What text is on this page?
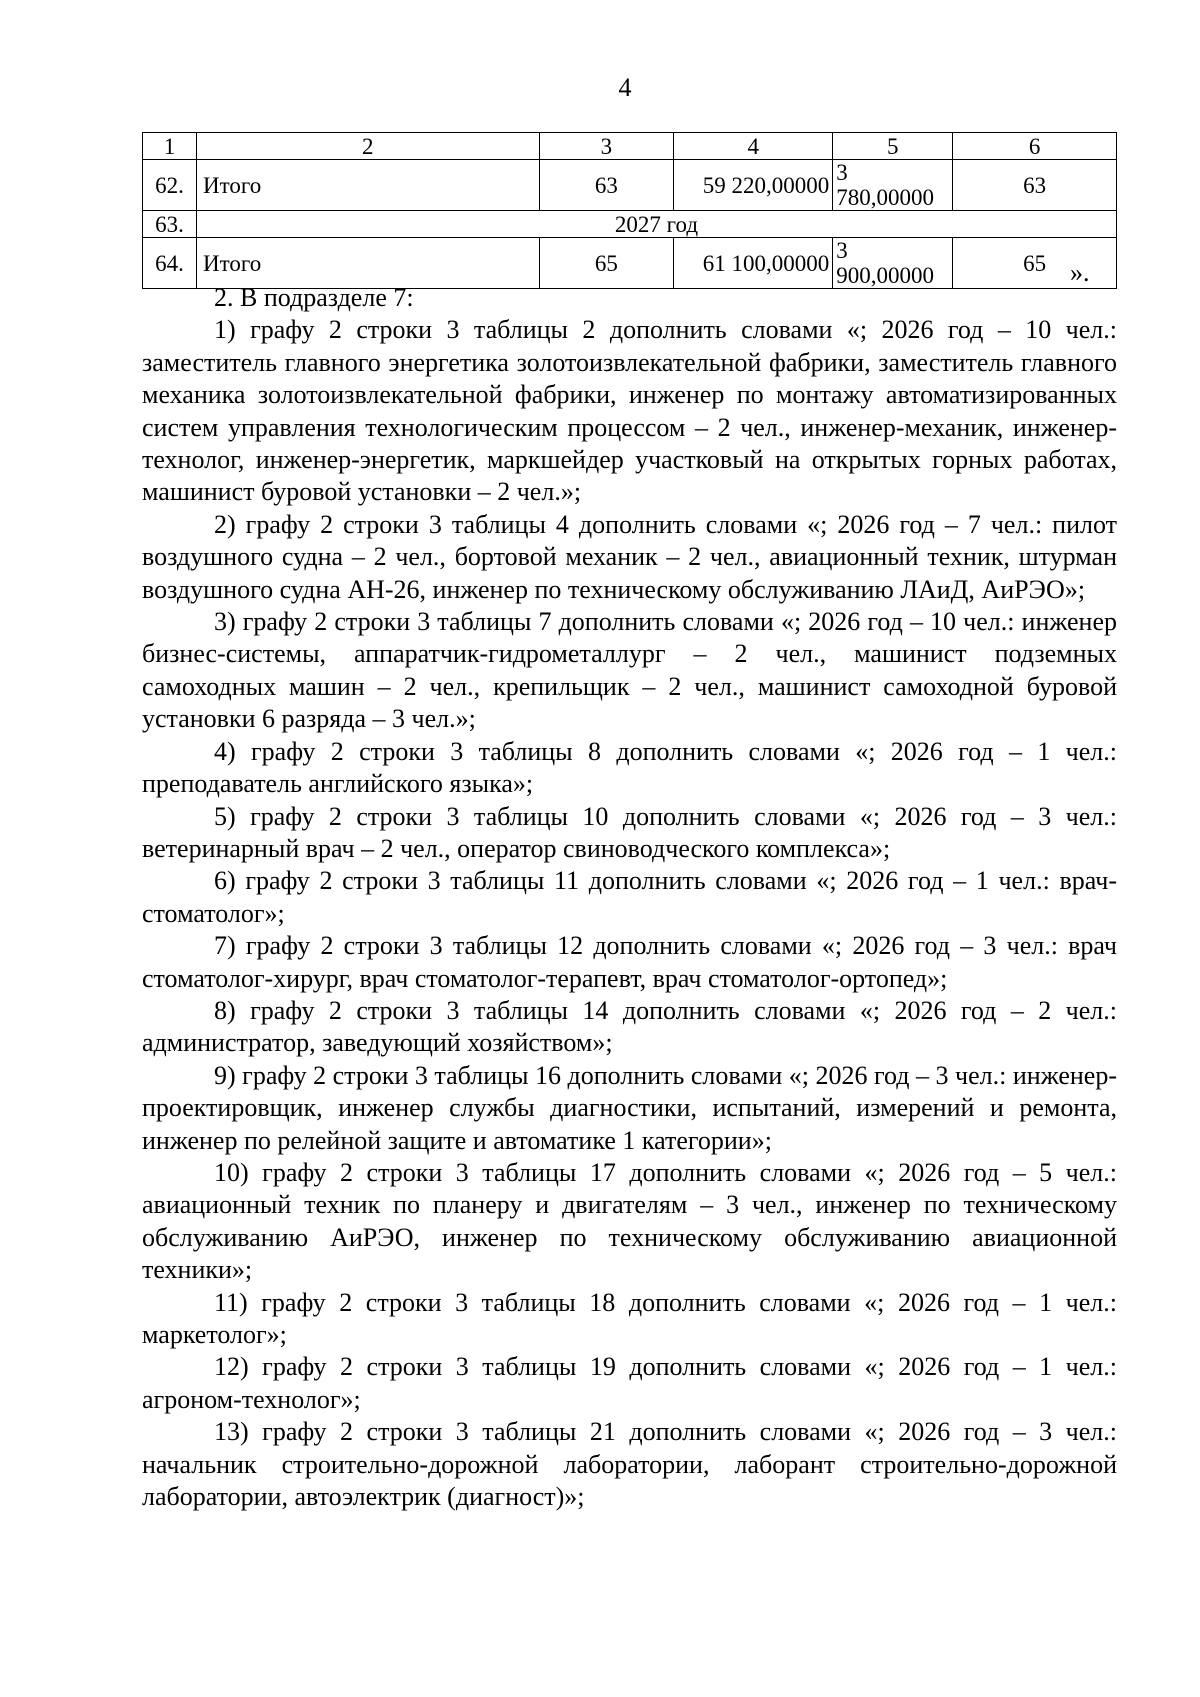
4
1	2	3	4	5	6
62.	Итого	63	59 220,00000	3 780,00000	63
63.	2027 год				
64.	Итого	65	61 100,00000	3 900,00000	65 ».

2. В подразделе 7:

1) графу 2 строки 3 таблицы 2 дополнить словами «; 2026 год – 10 чел.: заместитель главного энергетика золотоизвлекательной фабрики, заместитель главного механика золотоизвлекательной фабрики, инженер по монтажу автоматизированных систем управления технологическим процессом – 2 чел., инженер-механик, инженер-технолог, инженер-энергетик, маркшейдер участковый на открытых горных работах, машинист буровой установки – 2 чел.»;

2) графу 2 строки 3 таблицы 4 дополнить словами «; 2026 год – 7 чел.: пилот воздушного судна – 2 чел., бортовой механик – 2 чел., авиационный техник, штурман воздушного судна АН-26, инженер по техническому обслуживанию ЛАиД, АиРЭО»;

3) графу 2 строки 3 таблицы 7 дополнить словами «; 2026 год – 10 чел.: инженер бизнес-системы, аппаратчик-гидрометаллург – 2 чел., машинист подземных самоходных машин – 2 чел., крепильщик – 2 чел., машинист самоходной буровой установки 6 разряда – 3 чел.»;

4) графу 2 строки 3 таблицы 8 дополнить словами «; 2026 год – 1 чел.: преподаватель английского языка»;

5) графу 2 строки 3 таблицы 10 дополнить словами «; 2026 год – 3 чел.: ветеринарный врач – 2 чел., оператор свиноводческого комплекса»;

6) графу 2 строки 3 таблицы 11 дополнить словами «; 2026 год – 1 чел.: врач-стоматолог»;

7) графу 2 строки 3 таблицы 12 дополнить словами «; 2026 год – 3 чел.: врач стоматолог-хирург, врач стоматолог-терапевт, врач стоматолог-ортопед»;

8) графу 2 строки 3 таблицы 14 дополнить словами «; 2026 год – 2 чел.: администратор, заведующий хозяйством»;

9) графу 2 строки 3 таблицы 16 дополнить словами «; 2026 год – 3 чел.: инженер-проектировщик, инженер службы диагностики, испытаний, измерений и ремонта, инженер по релейной защите и автоматике 1 категории»;

10) графу 2 строки 3 таблицы 17 дополнить словами «; 2026 год – 5 чел.: авиационный техник по планеру и двигателям – 3 чел., инженер по техническому обслуживанию АиРЭО, инженер по техническому обслуживанию авиационной техники»;

11) графу 2 строки 3 таблицы 18 дополнить словами «; 2026 год – 1 чел.: маркетолог»;

12) графу 2 строки 3 таблицы 19 дополнить словами «; 2026 год – 1 чел.: агроном-технолог»;

13) графу 2 строки 3 таблицы 21 дополнить словами «; 2026 год – 3 чел.: начальник строительно-дорожной лаборатории, лаборант строительно-дорожной лаборатории, автоэлектрик (диагност)»;
